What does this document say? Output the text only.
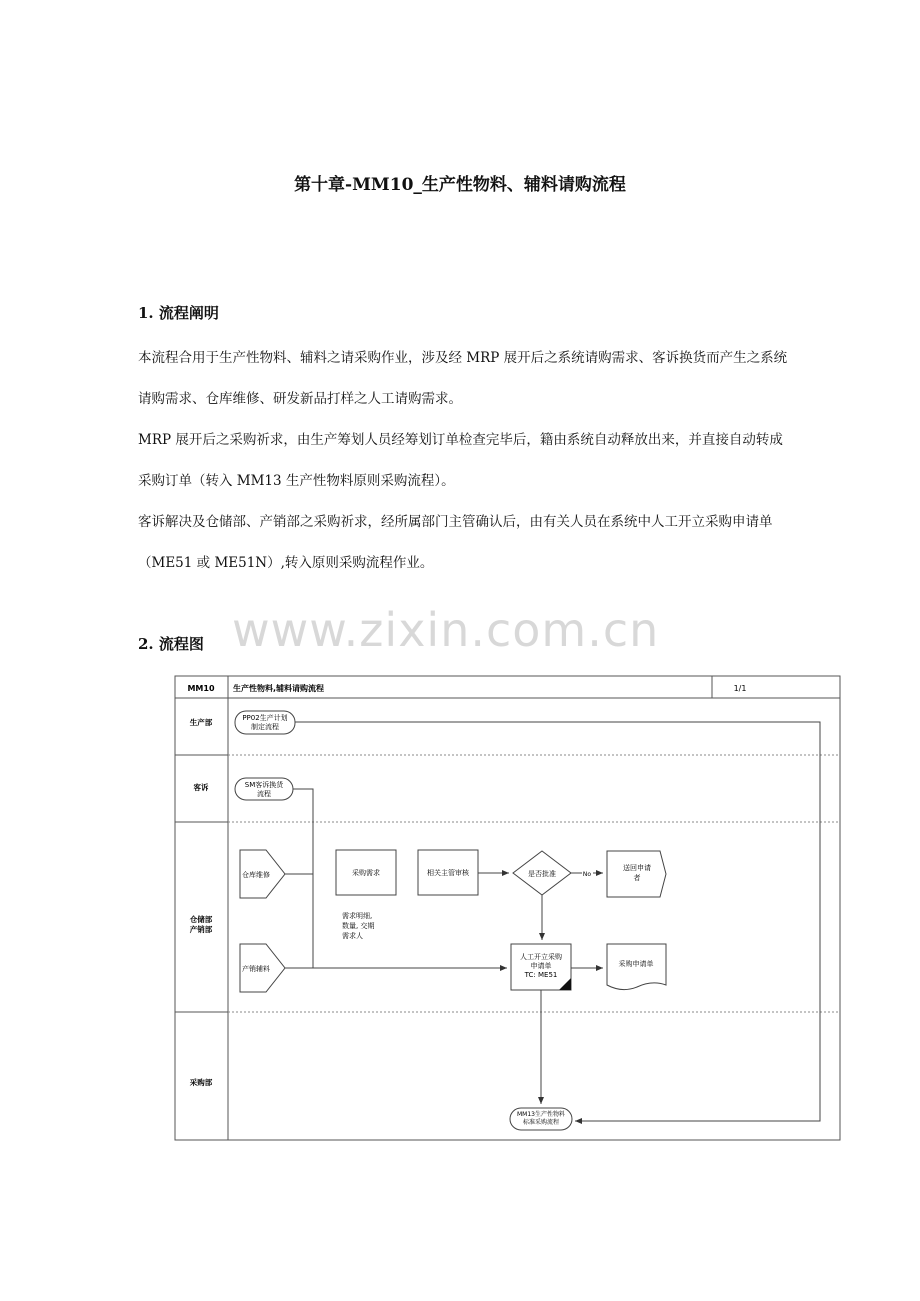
第十章-MM10_生产性物料、辅料请购流程
1. 流程阐明

本流程合用于生产性物料、辅料之请采购作业，涉及经 MRP 展开后之系统请购需求、客诉换货而产生之系统请购需求、仓库维修、研发新品打样之人工请购需求。

MRP 展开后之采购祈求，由生产筹划人员经筹划订单检查完毕后，籍由系统自动释放出来，并直接自动转成采购订单（转入 MM13 生产性物料原则采购流程）。

客诉解决及仓储部、产销部之采购祈求，经所属部门主管确认后，由有关人员在系统中人工开立采购申请单（ME51 或 ME51N）,转入原则采购流程作业。

www.zixin.com.cn
2. 流程图
MM10 生产性物料,辅料请购流程	1/1
生产部
客诉
仓储部产销部
采购部
PP02生产计划制定流程
SM客诉换货流程
仓库维修
产销辅料
采购需求
需求明细,数量, 交期需求人
相关主管审核	是否批准
送回申请者
人工开立采购申请单 TC: ME51
采购申请单
MM13生产性物料标准采购流程
No
